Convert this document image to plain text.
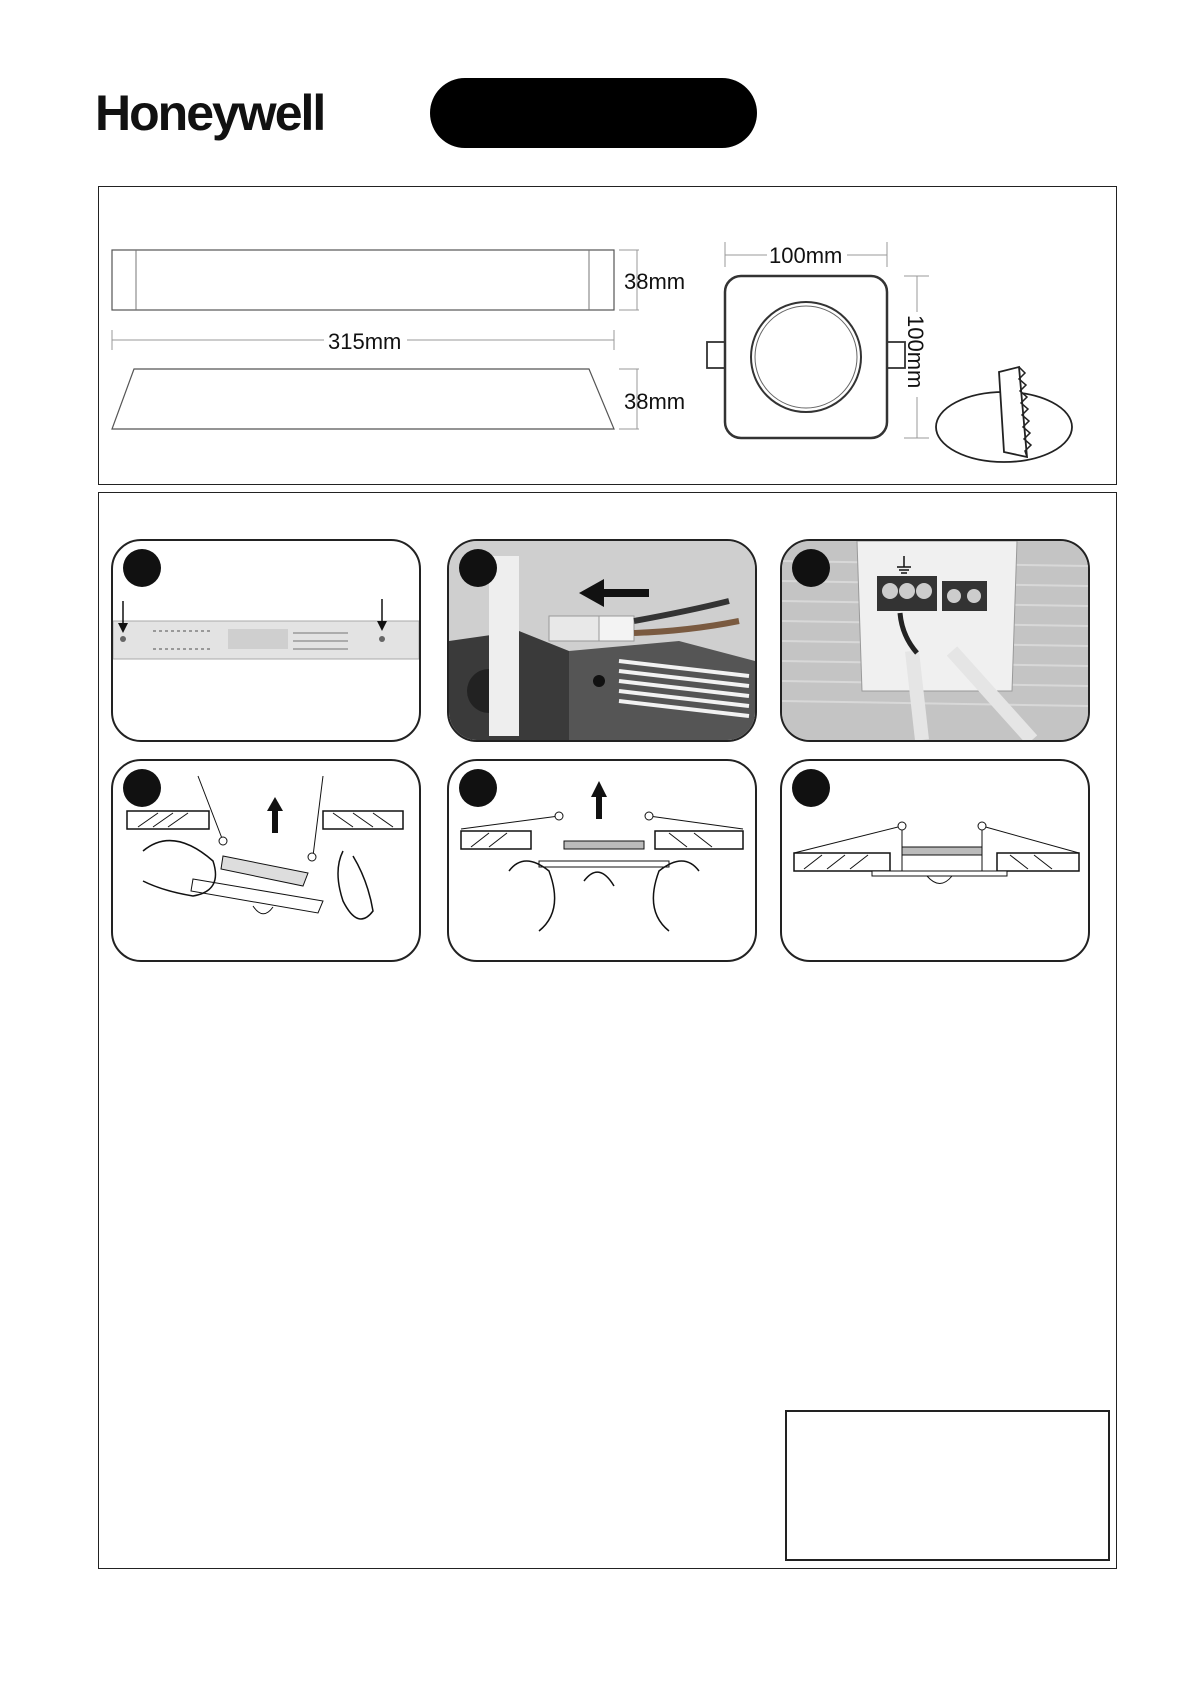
Honeywell
38mm
315mm
38mm
100mm
100mm
